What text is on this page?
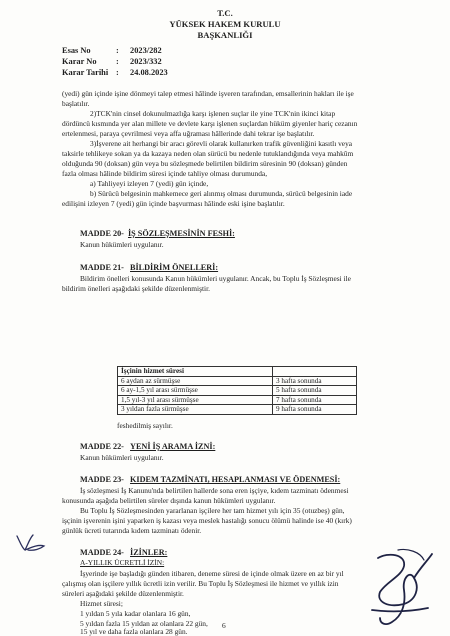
T.C.
YÜKSEK HAKEM KURULU
BAŞKANLIĞI
Esas No	: 2023/282
Karar No : 2023/332
Karar Tarihi : 24.08.2023
(yedi) gün içinde işine dönmeyi talep etmesi hâlinde işveren tarafından, emsallerinin hakları ile işe
başlatılır.
2)TCK'nin cinsel dokunulmazlığa karşı işlenen suçlar ile yine TCK'nin ikinci kitap
dördüncü kısmında yer alan millete ve devlete karşı işlenen suçlardan hüküm giyenler hariç cezanın
ertelenmesi, paraya çevrilmesi veya affa uğraması hâllerinde dahi tekrar işe başlatılır.
3)İşverene ait herhangi bir aracı görevli olarak kullanırken trafik güvenliğini kasıtlı veya
taksirle tehlikeye sokan ya da kazaya neden olan sürücü bu nedenle tutuklandığında veya mahkûm
olduğunda 90 (doksan) gün veya bu sözleşmede belirtilen bildirim süresinin 90 (doksan) günden
fazla olması hâlinde bildirim süresi içinde tahliye olması durumunda,
a) Tahliyeyi izleyen 7 (yedi) gün içinde,
b) Sürücü belgesinin mahkemece geri alınmış olması durumunda, sürücü belgesinin iade
edilişini izleyen 7 (yedi) gün içinde başvurması hâlinde eski işine başlatılır.
MADDE 20- İŞ SÖZLEŞMESİNİN FESHİ:
Kanun hükümleri uygulanır.
MADDE 21- BİLDİRİM ÖNELLERİ:
Bildirim önelleri konusunda Kanun hükümleri uygulanır. Ancak, bu Toplu İş Sözleşmesi ile
bildirim önelleri aşağıdaki şekilde düzenlenmiştir.
İşçinin hizmet süresi	
6 aydan az sürmüşse	3 hafta sonunda
6 ay-1,5 yıl arası sürmüşse	5 hafta sonunda
1,5 yıl-3 yıl arası sürmüşse	7 hafta sonunda
3 yıldan fazla sürmüşse	9 hafta sonunda
feshedilmiş sayılır.
MADDE 22- YENİ İŞ ARAMA İZNİ:
Kanun hükümleri uygulanır.
MADDE 23- KIDEM TAZMİNATI, HESAPLANMASI VE ÖDENMESİ:
İş sözleşmesi İş Kanunu'nda belirtilen hallerde sona eren işçiye, kıdem tazminatı ödenmesi
konusunda aşağıda belirtilen süreler dışında kanun hükümleri uygulanır.
Bu Toplu İş Sözleşmesinden yararlanan işçilere her tam hizmet yılı için 35 (otuzbeş) gün,
işçinin işverenin işini yaparken iş kazası veya meslek hastalığı sonucu ölümü halinde ise 40 (kırk)
günlük ücreti tutarında kıdem tazminatı ödenir.
MADDE 24- İZİNLER:
A-YILLIK ÜCRETLİ İZİN:
İşyerinde işe başladığı günden itibaren, deneme süresi de içinde olmak üzere en az bir yıl
çalışmış olan işçilere yıllık ücretli izin verilir. Bu Toplu İş Sözleşmesi ile hizmet ve yıllık izin
süreleri aşağıdaki şekilde düzenlenmiştir.
Hizmet süresi;
1 yıldan 5 yıla kadar olanlara 16 gün,
5 yıldan fazla 15 yıldan az olanlara 22 gün,
15 yıl ve daha fazla olanlara 28 gün.
6
